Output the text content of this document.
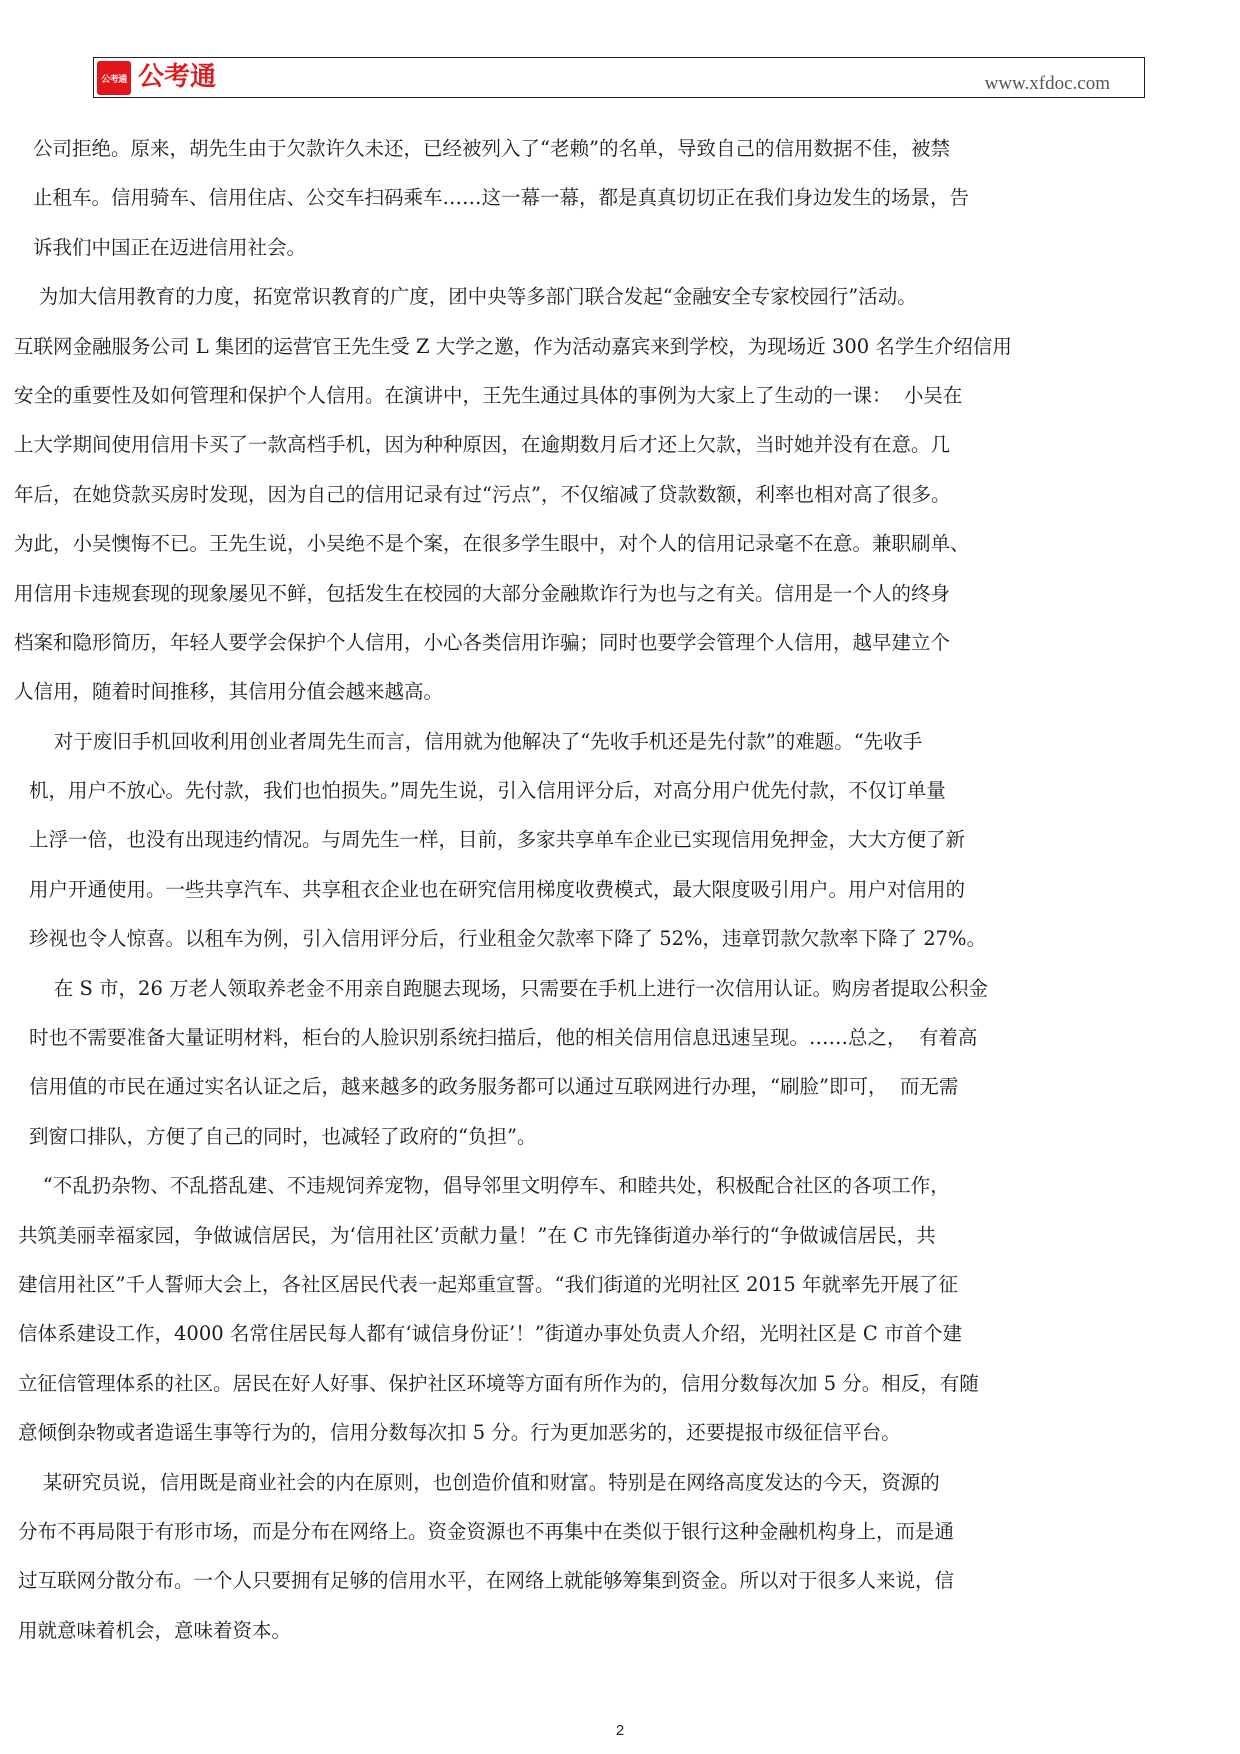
公考通 公考通	www.xfdoc.com
公司拒绝。原来，胡先生由于欠款许久未还，已经被列入了“老赖”的名单，导致自己的信用数据不佳，被禁
止租车。信用骑车、信用住店、公交车扫码乘车……这一幕一幕，都是真真切切正在我们身边发生的场景，告
诉我们中国正在迈进信用社会。
为加大信用教育的力度，拓宽常识教育的广度，团中央等多部门联合发起“金融安全专家校园行”活动。
互联网金融服务公司 L 集团的运营官王先生受 Z 大学之邀，作为活动嘉宾来到学校，为现场近 300 名学生介绍信用
安全的重要性及如何管理和保护个人信用。在演讲中，王先生通过具体的事例为大家上了生动的一课：  小吴在
上大学期间使用信用卡买了一款高档手机，因为种种原因，在逾期数月后才还上欠款，当时她并没有在意。几
年后，在她贷款买房时发现，因为自己的信用记录有过“污点”，不仅缩减了贷款数额，利率也相对高了很多。
为此，小吴懊悔不已。王先生说，小吴绝不是个案，在很多学生眼中，对个人的信用记录毫不在意。兼职刷单、
用信用卡违规套现的现象屡见不鲜，包括发生在校园的大部分金融欺诈行为也与之有关。信用是一个人的终身
档案和隐形简历，年轻人要学会保护个人信用，小心各类信用诈骗；同时也要学会管理个人信用，越早建立个
人信用，随着时间推移，其信用分值会越来越高。
对于废旧手机回收利用创业者周先生而言，信用就为他解决了“先收手机还是先付款”的难题。“先收手
机，用户不放心。先付款，我们也怕损失。”周先生说，引入信用评分后，对高分用户优先付款，不仅订单量
上浮一倍，也没有出现违约情况。与周先生一样，目前，多家共享单车企业已实现信用免押金，大大方便了新
用户开通使用。一些共享汽车、共享租衣企业也在研究信用梯度收费模式，最大限度吸引用户。用户对信用的
珍视也令人惊喜。以租车为例，引入信用评分后，行业租金欠款率下降了 52%，违章罚款欠款率下降了 27%。
在 S 市，26 万老人领取养老金不用亲自跑腿去现场，只需要在手机上进行一次信用认证。购房者提取公积金
时也不需要准备大量证明材料，柜台的人脸识别系统扫描后，他的相关信用信息迅速呈现。……总之，  有着高
信用值的市民在通过实名认证之后，越来越多的政务服务都可以通过互联网进行办理，“刷脸”即可，  而无需
到窗口排队，方便了自己的同时，也减轻了政府的“负担”。
“不乱扔杂物、不乱搭乱建、不违规饲养宠物，倡导邻里文明停车、和睦共处，积极配合社区的各项工作，
共筑美丽幸福家园，争做诚信居民，为‘信用社区’贡献力量！”在 C 市先锋街道办举行的“争做诚信居民，共
建信用社区”千人誓师大会上，各社区居民代表一起郑重宣誓。“我们街道的光明社区 2015 年就率先开展了征
信体系建设工作，4000 名常住居民每人都有‘诚信身份证’！”街道办事处负责人介绍，光明社区是 C 市首个建
立征信管理体系的社区。居民在好人好事、保护社区环境等方面有所作为的，信用分数每次加 5 分。相反，有随
意倾倒杂物或者造谣生事等行为的，信用分数每次扣 5 分。行为更加恶劣的，还要提报市级征信平台。
某研究员说，信用既是商业社会的内在原则，也创造价值和财富。特别是在网络高度发达的今天，资源的
分布不再局限于有形市场，而是分布在网络上。资金资源也不再集中在类似于银行这种金融机构身上，而是通
过互联网分散分布。一个人只要拥有足够的信用水平，在网络上就能够筹集到资金。所以对于很多人来说，信
用就意味着机会，意味着资本。
2
